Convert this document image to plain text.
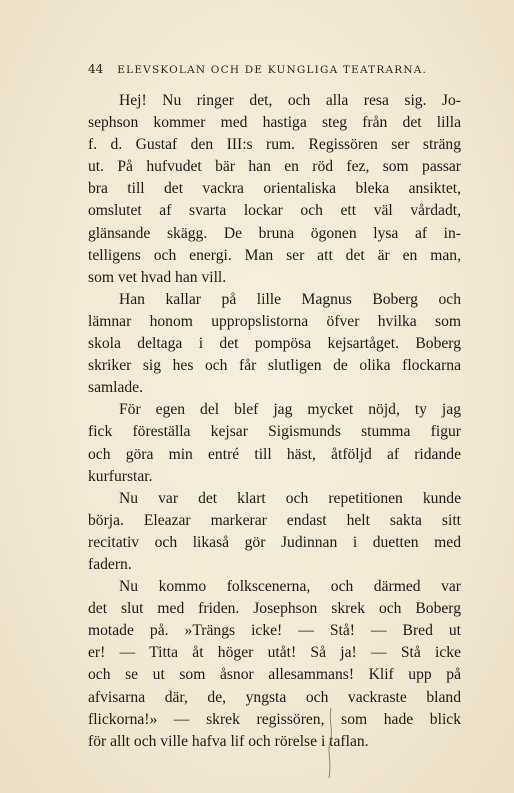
44 ELEVSKOLAN OCH DE KUNGLIGA TEATRARNA.
Hej! Nu ringer det, och alla resa sig. Jo-
sephson kommer med hastiga steg från det lilla
f. d. Gustaf den III:s rum. Regissören ser sträng
ut. På hufvudet bär han en röd fez, som passar
bra till det vackra orientaliska bleka ansiktet,
omslutet af svarta lockar och ett väl vårdadt,
glänsande skägg. De bruna ögonen lysa af in-
telligens och energi. Man ser att det är en man,
som vet hvad han vill.
Han kallar på lille Magnus Boberg och
lämnar honom uppropslistorna öfver hvilka som
skola deltaga i det pompösa kejsartåget. Boberg
skriker sig hes och får slutligen de olika flockarna
samlade.
För egen del blef jag mycket nöjd, ty jag
fick föreställa kejsar Sigismunds stumma figur
och göra min entré till häst, åtföljd af ridande
kurfurstar.
Nu var det klart och repetitionen kunde
börja. Eleazar markerar endast helt sakta sitt
recitativ och likaså gör Judinnan i duetten med
fadern.
Nu kommo folkscenerna, och därmed var
det slut med friden. Josephson skrek och Boberg
motade på. »Trängs icke! — Stå! — Bred ut
er! — Titta åt höger utåt! Så ja! — Stå icke
och se ut som åsnor allesammans! Klif upp på
afvisarna där, de, yngsta och vackraste bland
flickorna!» — skrek regissören, som hade blick
för allt och ville hafva lif och rörelse i taflan.
